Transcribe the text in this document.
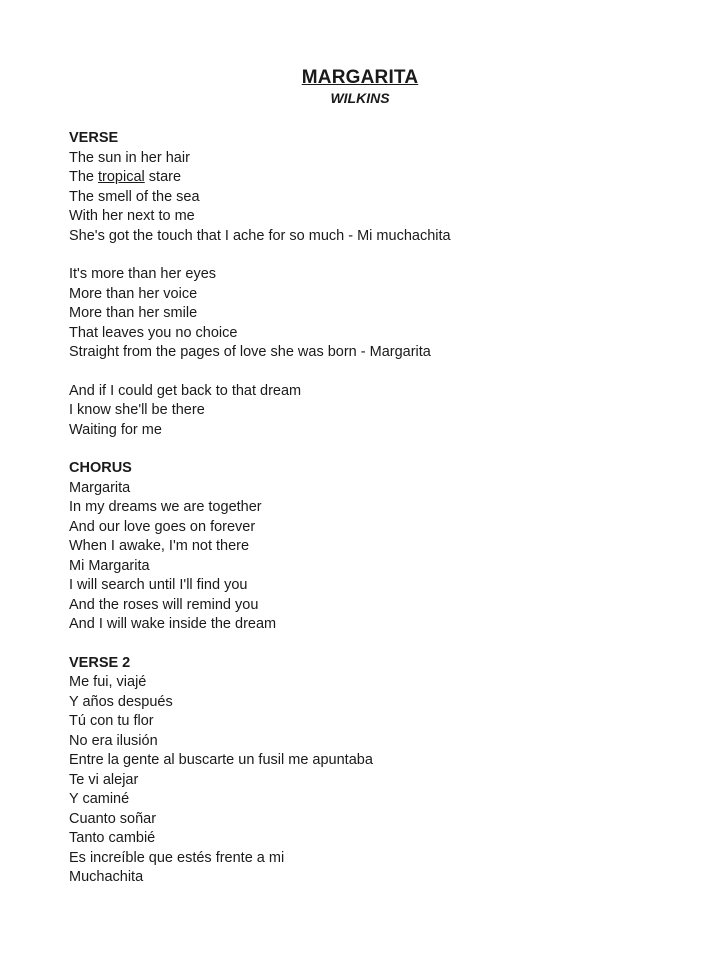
MARGARITA
WILKINS
VERSE
The sun in her hair
The tropical stare
The smell of the sea
With her next to me
She's got the touch that I ache for so much - Mi muchachita
It's more than her eyes
More than her voice
More than her smile
That leaves you no choice
Straight from the pages of love she was born - Margarita
And if I could get back to that dream
I know she'll be there
Waiting for me
CHORUS
Margarita
In my dreams we are together
And our love goes on forever
When I awake, I'm not there
Mi Margarita
I will search until I'll find you
And the roses will remind you
And I will wake inside the dream
VERSE 2
Me fui, viajé
Y años después
Tú con tu flor
No era ilusión
Entre la gente al buscarte un fusil me apuntaba
Te vi alejar
Y caminé
Cuanto soñar
Tanto cambié
Es increíble que estés frente a mi
Muchachita
